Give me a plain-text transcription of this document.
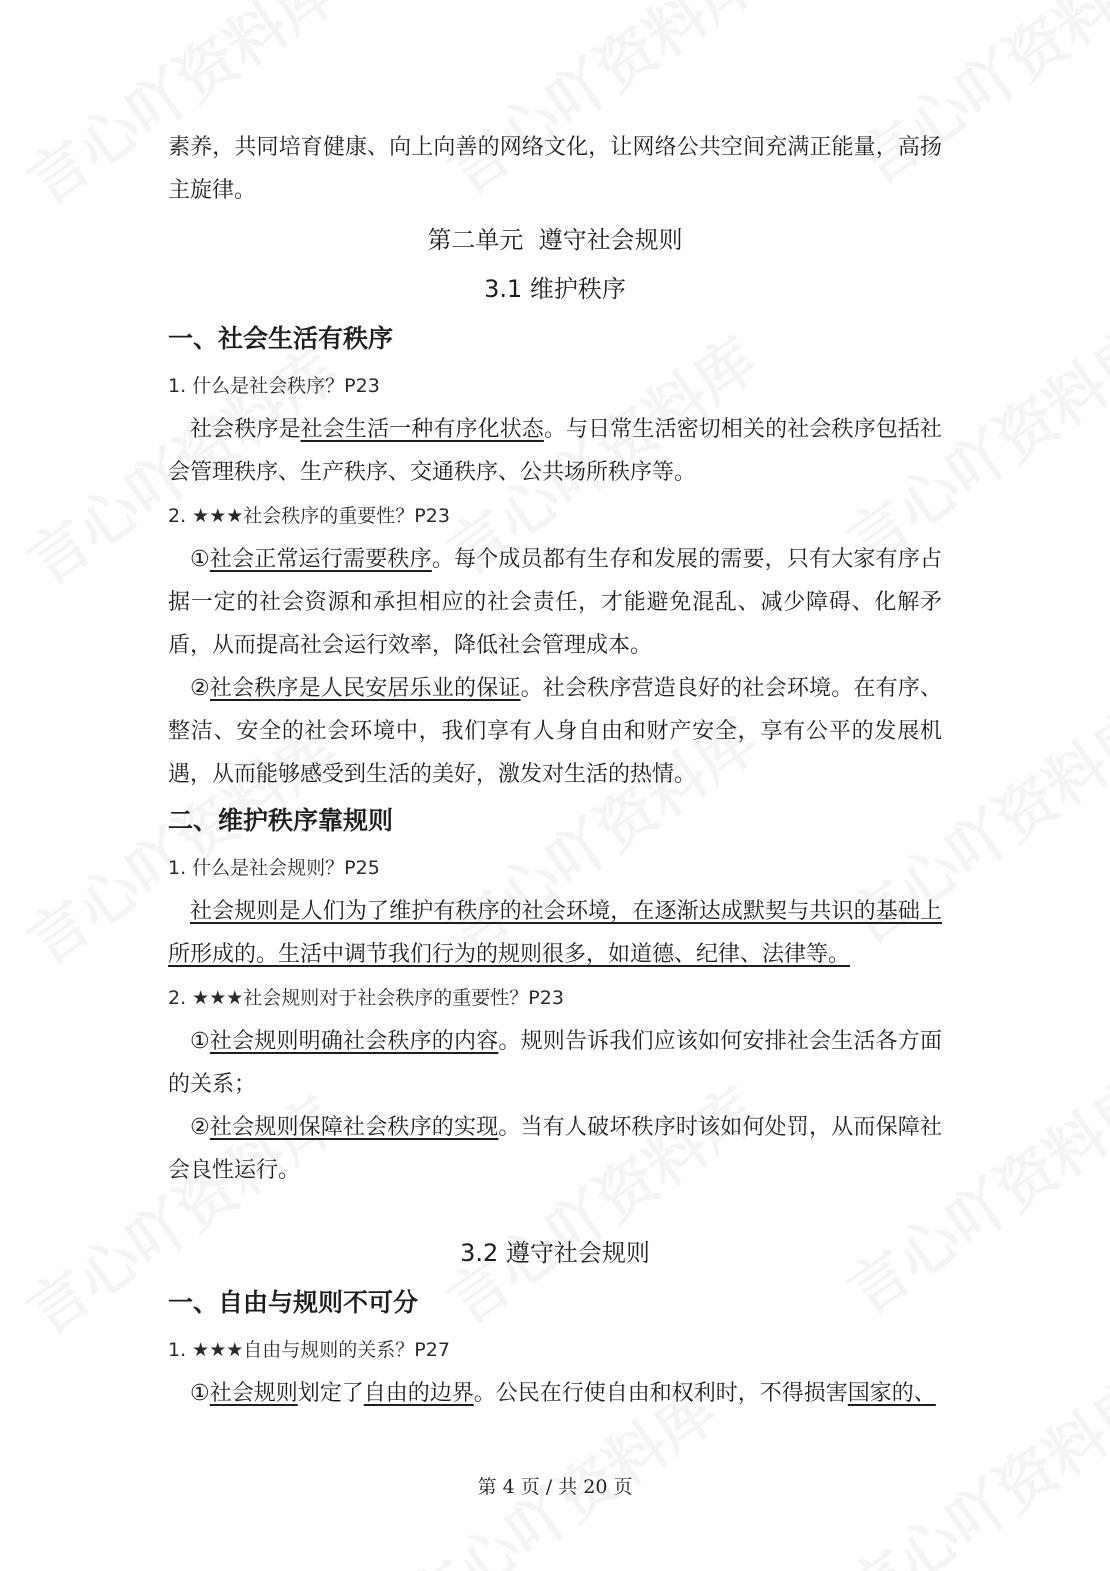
素养，共同培育健康、向上向善的网络文化，让网络公共空间充满正能量，高扬主旋律。

第二单元  遵守社会规则
3.1 维护秩序
一、社会生活有秩序

1. 什么是社会秩序？P23

社会秩序是社会生活一种有序化状态。与日常生活密切相关的社会秩序包括社会管理秩序、生产秩序、交通秩序、公共场所秩序等。

2. ★★★社会秩序的重要性？P23

①社会正常运行需要秩序。每个成员都有生存和发展的需要，只有大家有序占据一定的社会资源和承担相应的社会责任，才能避免混乱、减少障碍、化解矛盾，从而提高社会运行效率，降低社会管理成本。

②社会秩序是人民安居乐业的保证。社会秩序营造良好的社会环境。在有序、整洁、安全的社会环境中，我们享有人身自由和财产安全，享有公平的发展机遇，从而能够感受到生活的美好，激发对生活的热情。

二、维护秩序靠规则

1. 什么是社会规则？P25

社会规则是人们为了维护有秩序的社会环境，在逐渐达成默契与共识的基础上所形成的。生活中调节我们行为的规则很多，如道德、纪律、法律等。

2. ★★★社会规则对于社会秩序的重要性？P23

①社会规则明确社会秩序的内容。规则告诉我们应该如何安排社会生活各方面的关系；

②社会规则保障社会秩序的实现。当有人破坏秩序时该如何处罚，从而保障社会良性运行。

3.2 遵守社会规则
一、自由与规则不可分

1. ★★★自由与规则的关系？P27

①社会规则划定了自由的边界。公民在行使自由和权利时，不得损害国家的、

第 4 页 / 共 20 页
